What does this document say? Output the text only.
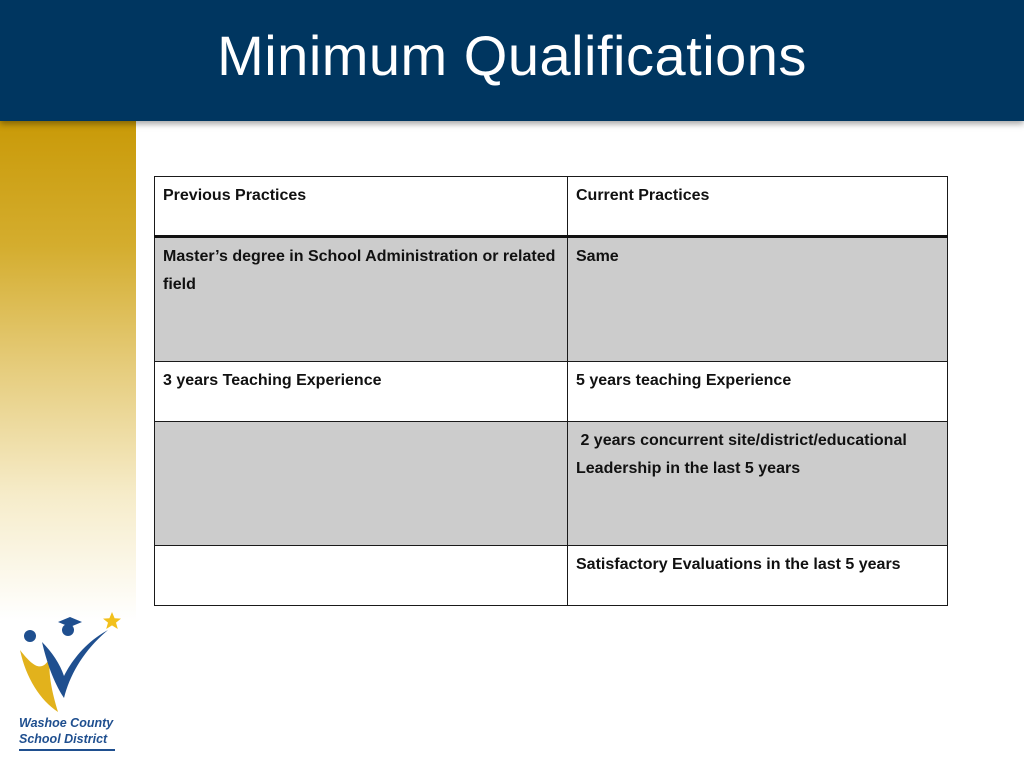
Minimum Qualifications
Previous Practices	Current Practices
Master’s degree in School Administration or related field	Same
3 years Teaching Experience	5 years teaching Experience
	2 years concurrent site/district/educational Leadership in the last 5 years
	Satisfactory Evaluations in the last 5 years
Washoe County
School District
